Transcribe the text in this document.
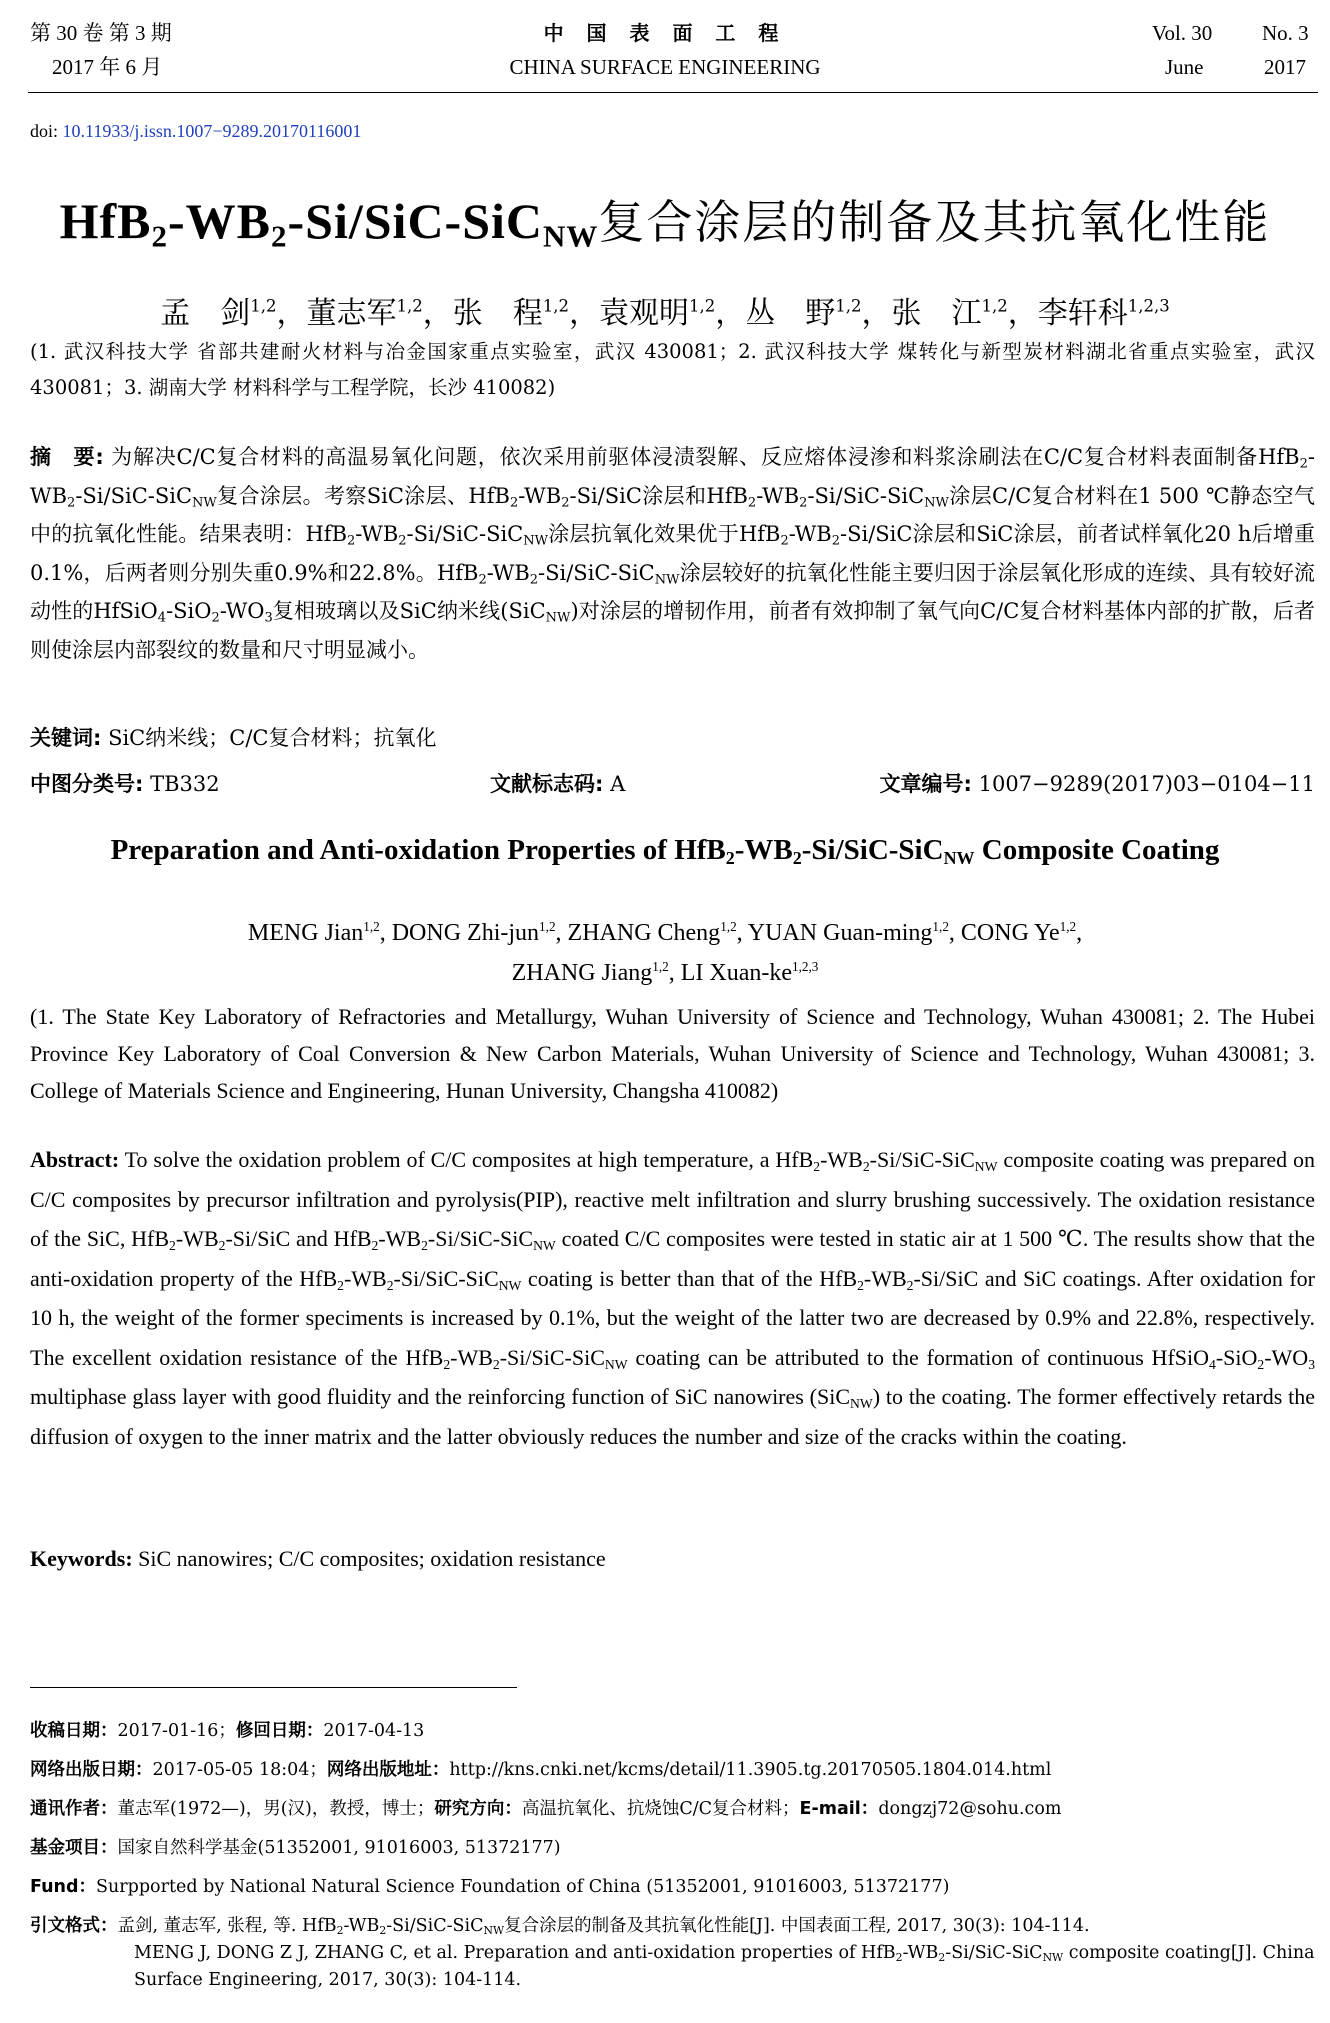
第 30 卷 第 3 期
2017 年 6 月
中 国 表 面 工 程
CHINA SURFACE ENGINEERING
Vol. 30 No. 3
June	2017
doi: 10.11933/j.issn.1007−9289.20170116001
$HfB_2-WB_2-Si/SiC-SiC_{NW}$复合涂层的制备及其抗氧化性能
孟　剑$^{1,2}$，董志军$^{1,2}$，张　程$^{1,2}$，袁观明$^{1,2}$，丛　野$^{1,2}$，张　江$^{1,2}$，李轩科$^{1,2,3}$
(1. 武汉科技大学 省部共建耐火材料与冶金国家重点实验室，武汉 430081；2. 武汉科技大学 煤转化与新型炭材料湖北省重点实验室，武汉 430081；3. 湖南大学 材料科学与工程学院，长沙 410082)
摘　要: 为解决C/C复合材料的高温易氧化问题，依次采用前驱体浸渍裂解、反应熔体浸渗和料浆涂刷法在C/C复合材料表面制备$HfB_2-WB_2-Si/SiC-SiC_{NW}$复合涂层。考察SiC涂层、$HfB_2-WB_2-Si$/SiC涂层和$HfB_2-WB_2-Si/SiC-SiC_{NW}$涂层C/C复合材料在1 500 ℃静态空气中的抗氧化性能。结果表明：$HfB_2-WB_2-Si/SiC-SiC_{NW}$涂层抗氧化效果优于$HfB_2-WB_2-Si$/SiC涂层和SiC涂层，前者试样氧化20 h后增重0.1%，后两者则分别失重0.9%和22.8%。$HfB_2-WB_2-Si/SiC-SiC_{NW}$涂层较好的抗氧化性能主要归因于涂层氧化形成的连续、具有较好流动性的$HfSiO_4-SiO_2-WO_3$复相玻璃以及SiC纳米线(SiC$_{NW}$)对涂层的增韧作用，前者有效抑制了氧气向C/C复合材料基体内部的扩散，后者则使涂层内部裂纹的数量和尺寸明显减小。
关键词: SiC纳米线；C/C复合材料；抗氧化
中图分类号: TB332	文献标志码: A	文章编号: 1007−9289(2017)03−0104−11
Preparation and Anti-oxidation Properties of $HfB_2-WB_2-Si/SiC-SiC_{NW}$ Composite Coating
MENG Jian$^{1,2}$, DONG Zhi-jun$^{1,2}$, ZHANG Cheng$^{1,2}$, YUAN Guan-ming$^{1,2}$, CONG Ye$^{1,2}$,
ZHANG Jiang$^{1,2}$, LI Xuan-ke$^{1,2,3}$
(1. The State Key Laboratory of Refractories and Metallurgy, Wuhan University of Science and Technology, Wuhan 430081; 2. The Hubei Province Key Laboratory of Coal Conversion & New Carbon Materials, Wuhan University of Science and Technology, Wuhan 430081; 3. College of Materials Science and Engineering, Hunan University, Changsha 410082)
Abstract: To solve the oxidation problem of C/C composites at high temperature, a $HfB_2-WB_2-Si/SiC-SiC_{NW}$ composite coating was prepared on C/C composites by precursor infiltration and pyrolysis(PIP), reactive melt infiltration and slurry brushing successively. The oxidation resistance of the SiC, $HfB_2-WB_2-Si$/SiC and $HfB_2-WB_2-Si/SiC-SiC_{NW}$ coated C/C composites were tested in static air at 1 500 ℃. The results show that the anti-oxidation property of the $HfB_2-WB_2-Si/SiC-SiC_{NW}$ coating is better than that of the $HfB_2-WB_2-Si$/SiC and SiC coatings. After oxidation for 10 h, the weight of the former speciments is increased by 0.1%, but the weight of the latter two are decreased by 0.9% and 22.8%, respectively. The excellent oxidation resistance of the $HfB_2-WB_2-Si/SiC-SiC_{NW}$ coating can be attributed to the formation of continuous $HfSiO_4-SiO_2-WO_3$ multiphase glass layer with good fluidity and the reinforcing function of SiC nanowires (SiC$_{NW}$) to the coating. The former effectively retards the diffusion of oxygen to the inner matrix and the latter obviously reduces the number and size of the cracks within the coating.
Keywords: SiC nanowires; C/C composites; oxidation resistance
收稿日期：2017-01-16；修回日期：2017-04-13
网络出版日期：2017-05-05 18:04；网络出版地址：http://kns.cnki.net/kcms/detail/11.3905.tg.20170505.1804.014.html
通讯作者：董志军(1972—)，男(汉)，教授，博士；研究方向：高温抗氧化、抗烧蚀C/C复合材料；E-mail：dongzj72@sohu.com
基金项目：国家自然科学基金(51352001, 91016003, 51372177)
Fund：Surpported by National Natural Science Foundation of China (51352001, 91016003, 51372177)
引文格式：孟剑, 董志军, 张程, 等. $HfB_2-WB_2-Si/SiC-SiC_{NW}$复合涂层的制备及其抗氧化性能[J]. 中国表面工程, 2017, 30(3): 104-114.
MENG J, DONG Z J, ZHANG C, et al. Preparation and anti-oxidation properties of $HfB_2-WB_2-Si/SiC-SiC_{NW}$ composite coating[J]. China Surface Engineering, 2017, 30(3): 104-114.
